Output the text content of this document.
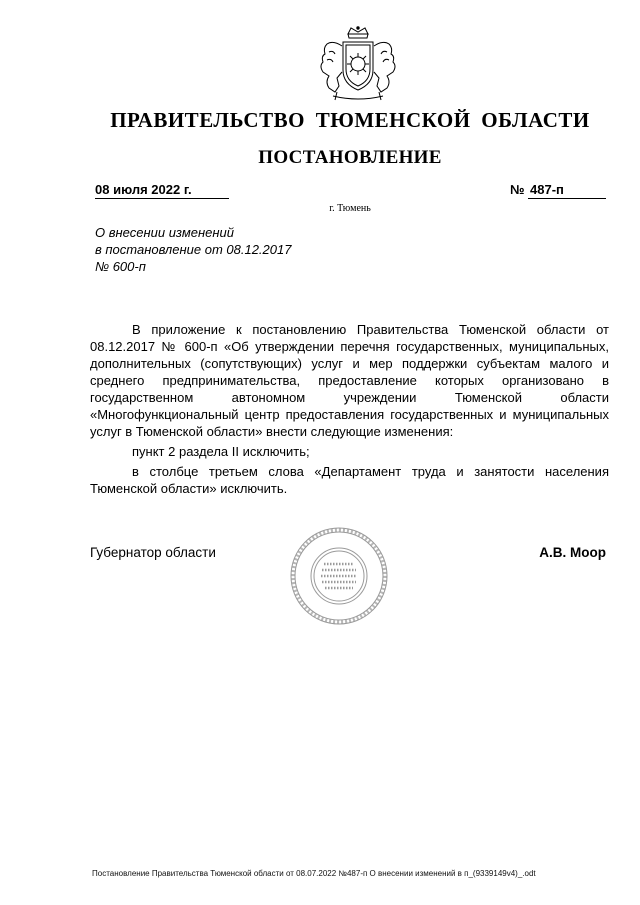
ПРАВИТЕЛЬСТВО ТЮМЕНСКОЙ ОБЛАСТИ
ПОСТАНОВЛЕНИЕ
08 июля 2022 г.	№ 487-п
г. Тюмень
О внесении изменений
в постановление от 08.12.2017
№ 600-п

В приложение к постановлению Правительства Тюменской области от 08.12.2017 № 600-п «Об утверждении перечня государственных, муниципальных, дополнительных (сопутствующих) услуг и мер поддержки субъектам малого и среднего предпринимательства, предоставление которых организовано в государственном автономном учреждении Тюменской области «Многофункциональный центр предоставления государственных и муниципальных услуг в Тюменской области» внести следующие изменения:

пункт 2 раздела II исключить;

в столбце третьем слова «Департамент труда и занятости населения Тюменской области» исключить.

Губернатор области	А.В. Моор
Постановление Правительства Тюменской области от 08.07.2022 №487-п О внесении изменений в п_(9339149v4)_.odt
